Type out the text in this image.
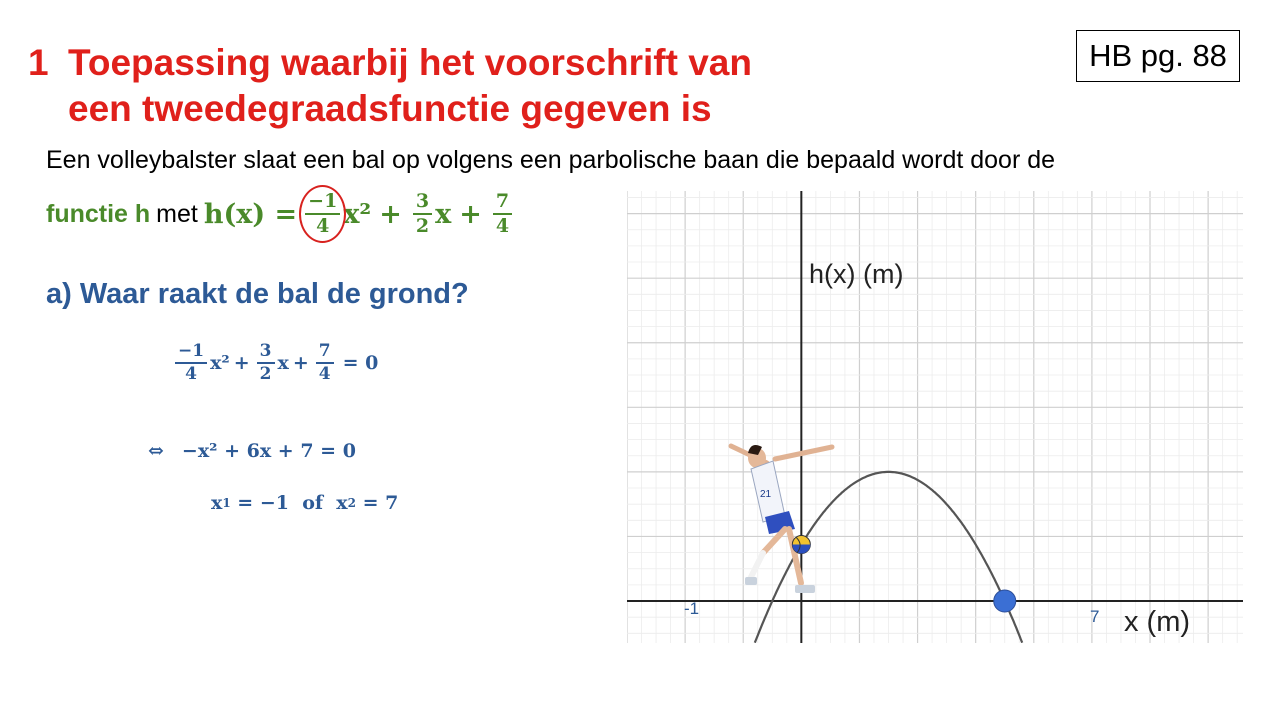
1 Toepassing waarbij het voorschrift van
een tweedegraadsfunctie gegeven is
HB pg. 88
Een volleybalster slaat een bal op volgens een parbolische baan die bepaald wordt door de
functie h met $h(x) = \frac{-1}{4} x^2 + \frac{3}{2}$ $x + \frac{7}{4}$
a) Waar raakt de bal de grond?
$\frac{-1}{4} x^2 + \frac{3}{2}$ $x + \frac{7}{4} = 0$
⇔ −x² + 6x + 7 = 0
x 1 = −1  of  x 2 = 7	21
h(x) (m)
x (m)
-1	7
